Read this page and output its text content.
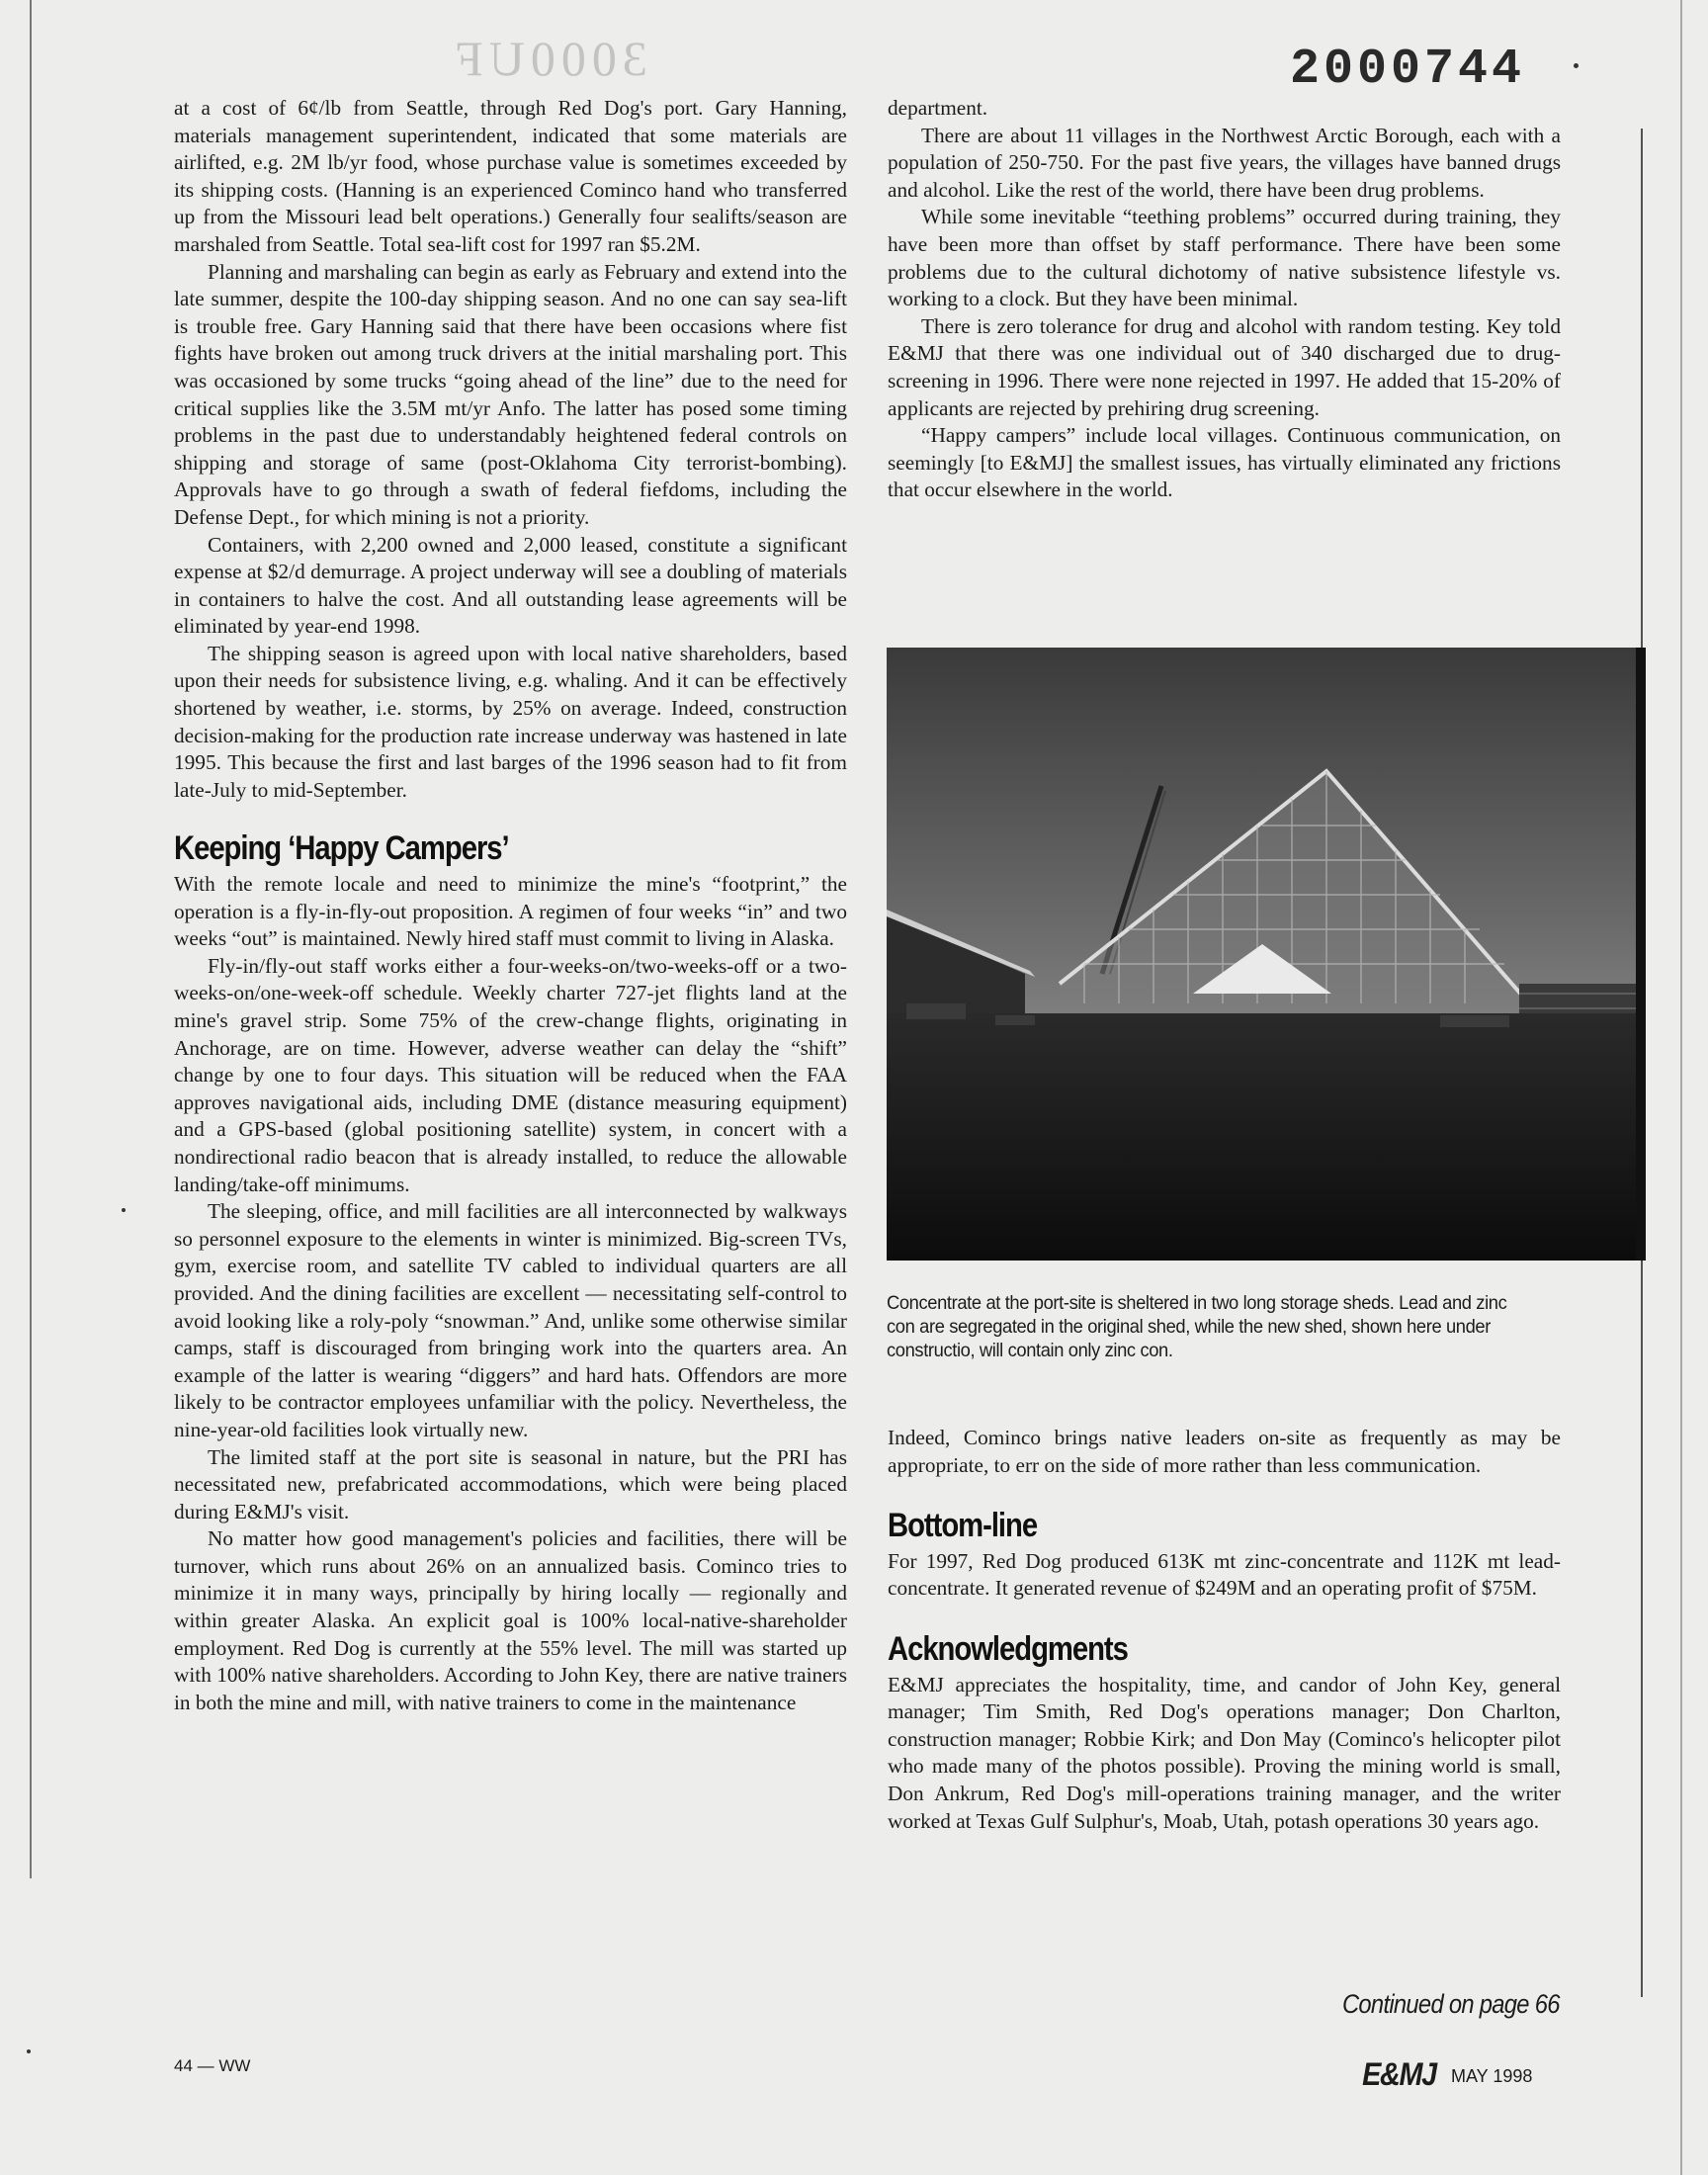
3000UF	2000744

at a cost of 6¢/lb from Seattle, through Red Dog's port. Gary Hanning, materials management superintendent, indicated that some materials are airlifted, e.g. 2M lb/yr food, whose purchase value is sometimes exceeded by its shipping costs. (Hanning is an experienced Cominco hand who transferred up from the Missouri lead belt operations.) Generally four sealifts/season are marshaled from Seattle. Total sea-lift cost for 1997 ran $5.2M.

Planning and marshaling can begin as early as February and extend into the late summer, despite the 100-day shipping season. And no one can say sea-lift is trouble free. Gary Hanning said that there have been occasions where fist fights have broken out among truck drivers at the initial marshaling port. This was occasioned by some trucks “going ahead of the line” due to the need for critical supplies like the 3.5M mt/yr Anfo. The latter has posed some timing problems in the past due to understandably heightened federal controls on shipping and storage of same (post-Oklahoma City terrorist-bombing). Approvals have to go through a swath of federal fiefdoms, including the Defense Dept., for which mining is not a priority.

Containers, with 2,200 owned and 2,000 leased, constitute a significant expense at $2/d demurrage. A project underway will see a doubling of materials in containers to halve the cost. And all outstanding lease agreements will be eliminated by year-end 1998.

The shipping season is agreed upon with local native shareholders, based upon their needs for subsistence living, e.g. whaling. And it can be effectively shortened by weather, i.e. storms, by 25% on average. Indeed, construction decision-making for the production rate increase underway was hastened in late 1995. This because the first and last barges of the 1996 season had to fit from late-July to mid-September.

Keeping ‘Happy Campers’

With the remote locale and need to minimize the mine's “footprint,” the operation is a fly-in-fly-out proposition. A regimen of four weeks “in” and two weeks “out” is maintained. Newly hired staff must commit to living in Alaska.

Fly-in/fly-out staff works either a four-weeks-on/two-weeks-off or a two-weeks-on/one-week-off schedule. Weekly charter 727-jet flights land at the mine's gravel strip. Some 75% of the crew-change flights, originating in Anchorage, are on time. However, adverse weather can delay the “shift” change by one to four days. This situation will be reduced when the FAA approves navigational aids, including DME (distance measuring equipment) and a GPS-based (global positioning satellite) system, in concert with a nondirectional radio beacon that is already installed, to reduce the allowable landing/take-off minimums.

The sleeping, office, and mill facilities are all interconnected by walkways so personnel exposure to the elements in winter is minimized. Big-screen TVs, gym, exercise room, and satellite TV cabled to individual quarters are all provided. And the dining facilities are excellent — necessitating self-control to avoid looking like a roly-poly “snowman.” And, unlike some otherwise similar camps, staff is discouraged from bringing work into the quarters area. An example of the latter is wearing “diggers” and hard hats. Offendors are more likely to be contractor employees unfamiliar with the policy. Nevertheless, the nine-year-old facilities look virtually new.

The limited staff at the port site is seasonal in nature, but the PRI has necessitated new, prefabricated accommodations, which were being placed during E&MJ's visit.

No matter how good management's policies and facilities, there will be turnover, which runs about 26% on an annualized basis. Cominco tries to minimize it in many ways, principally by hiring locally — regionally and within greater Alaska. An explicit goal is 100% local-native-shareholder employment. Red Dog is currently at the 55% level. The mill was started up with 100% native shareholders. According to John Key, there are native trainers in both the mine and mill, with native trainers to come in the maintenance

department.

There are about 11 villages in the Northwest Arctic Borough, each with a population of 250-750. For the past five years, the villages have banned drugs and alcohol. Like the rest of the world, there have been drug problems.

While some inevitable “teething problems” occurred during training, they have been more than offset by staff performance. There have been some problems due to the cultural dichotomy of native subsistence lifestyle vs. working to a clock. But they have been minimal.

There is zero tolerance for drug and alcohol with random testing. Key told E&MJ that there was one individual out of 340 discharged due to drug-screening in 1996. There were none rejected in 1997. He added that 15-20% of applicants are rejected by prehiring drug screening.

“Happy campers” include local villages. Continuous communication, on seemingly [to E&MJ] the smallest issues, has virtually eliminated any frictions that occur elsewhere in the world.

Concentrate at the port-site is sheltered in two long storage sheds. Lead and zinc con are segregated in the original shed, while the new shed, shown here under constructio, will contain only zinc con.

Indeed, Cominco brings native leaders on-site as frequently as may be appropriate, to err on the side of more rather than less communication.

Bottom-line

For 1997, Red Dog produced 613K mt zinc-concentrate and 112K mt lead-concentrate. It generated revenue of $249M and an operating profit of $75M.

Acknowledgments

E&MJ appreciates the hospitality, time, and candor of John Key, general manager; Tim Smith, Red Dog's operations manager; Don Charlton, construction manager; Robbie Kirk; and Don May (Cominco's helicopter pilot who made many of the photos possible). Proving the mining world is small, Don Ankrum, Red Dog's mill-operations training manager, and the writer worked at Texas Gulf Sulphur's, Moab, Utah, potash operations 30 years ago.

Continued on page 66
44 — WW	E&MJ MAY 1998
